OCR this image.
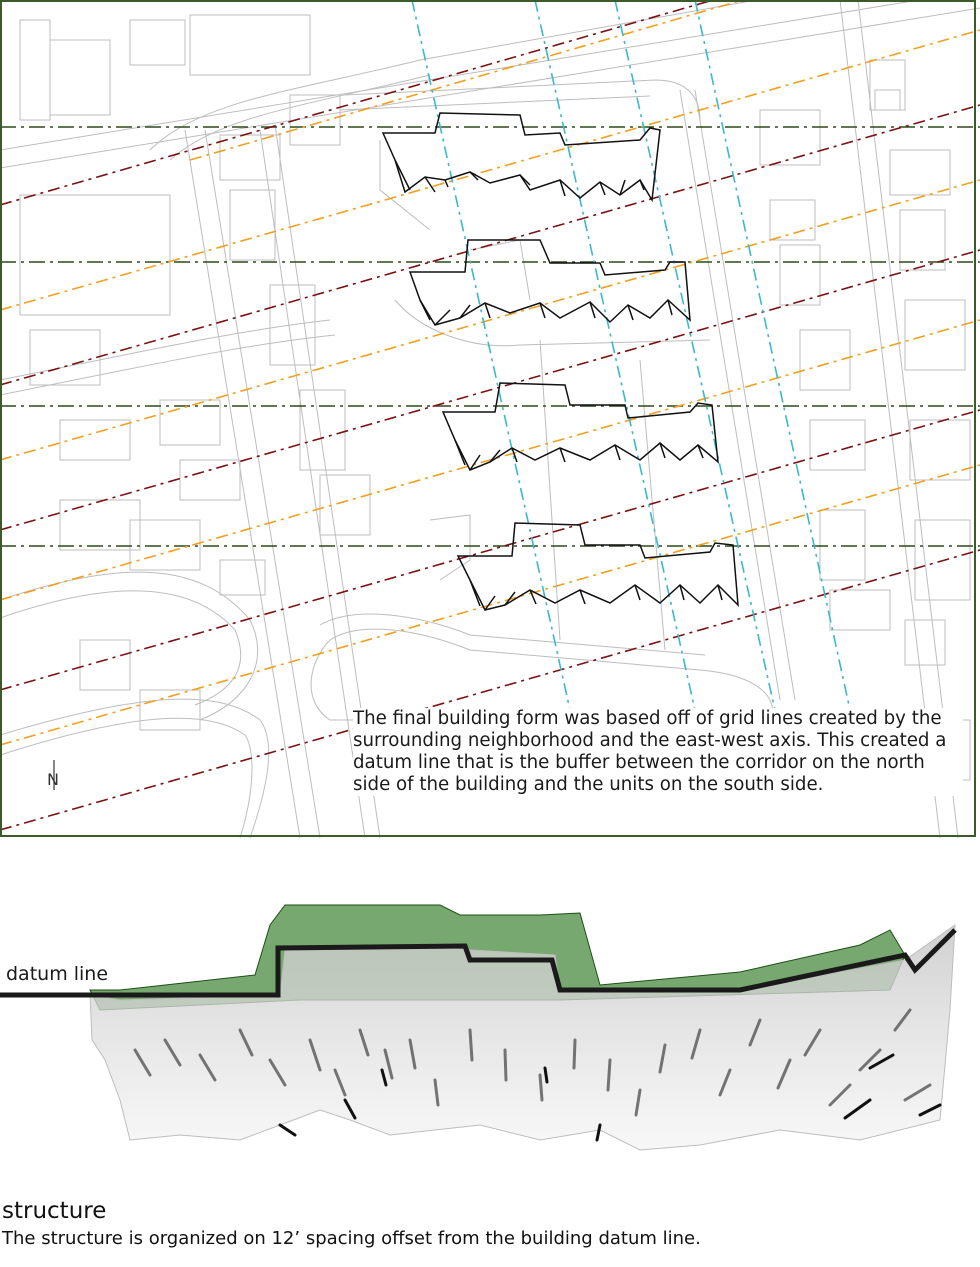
N
The final building form was based off of grid lines created by the surrounding neighborhood and the east-west axis. This created a datum line that is the buffer between the corridor on the north side of the building and the units on the south side.
datum line
structure
The structure is organized on 12’ spacing offset from the building datum line.
